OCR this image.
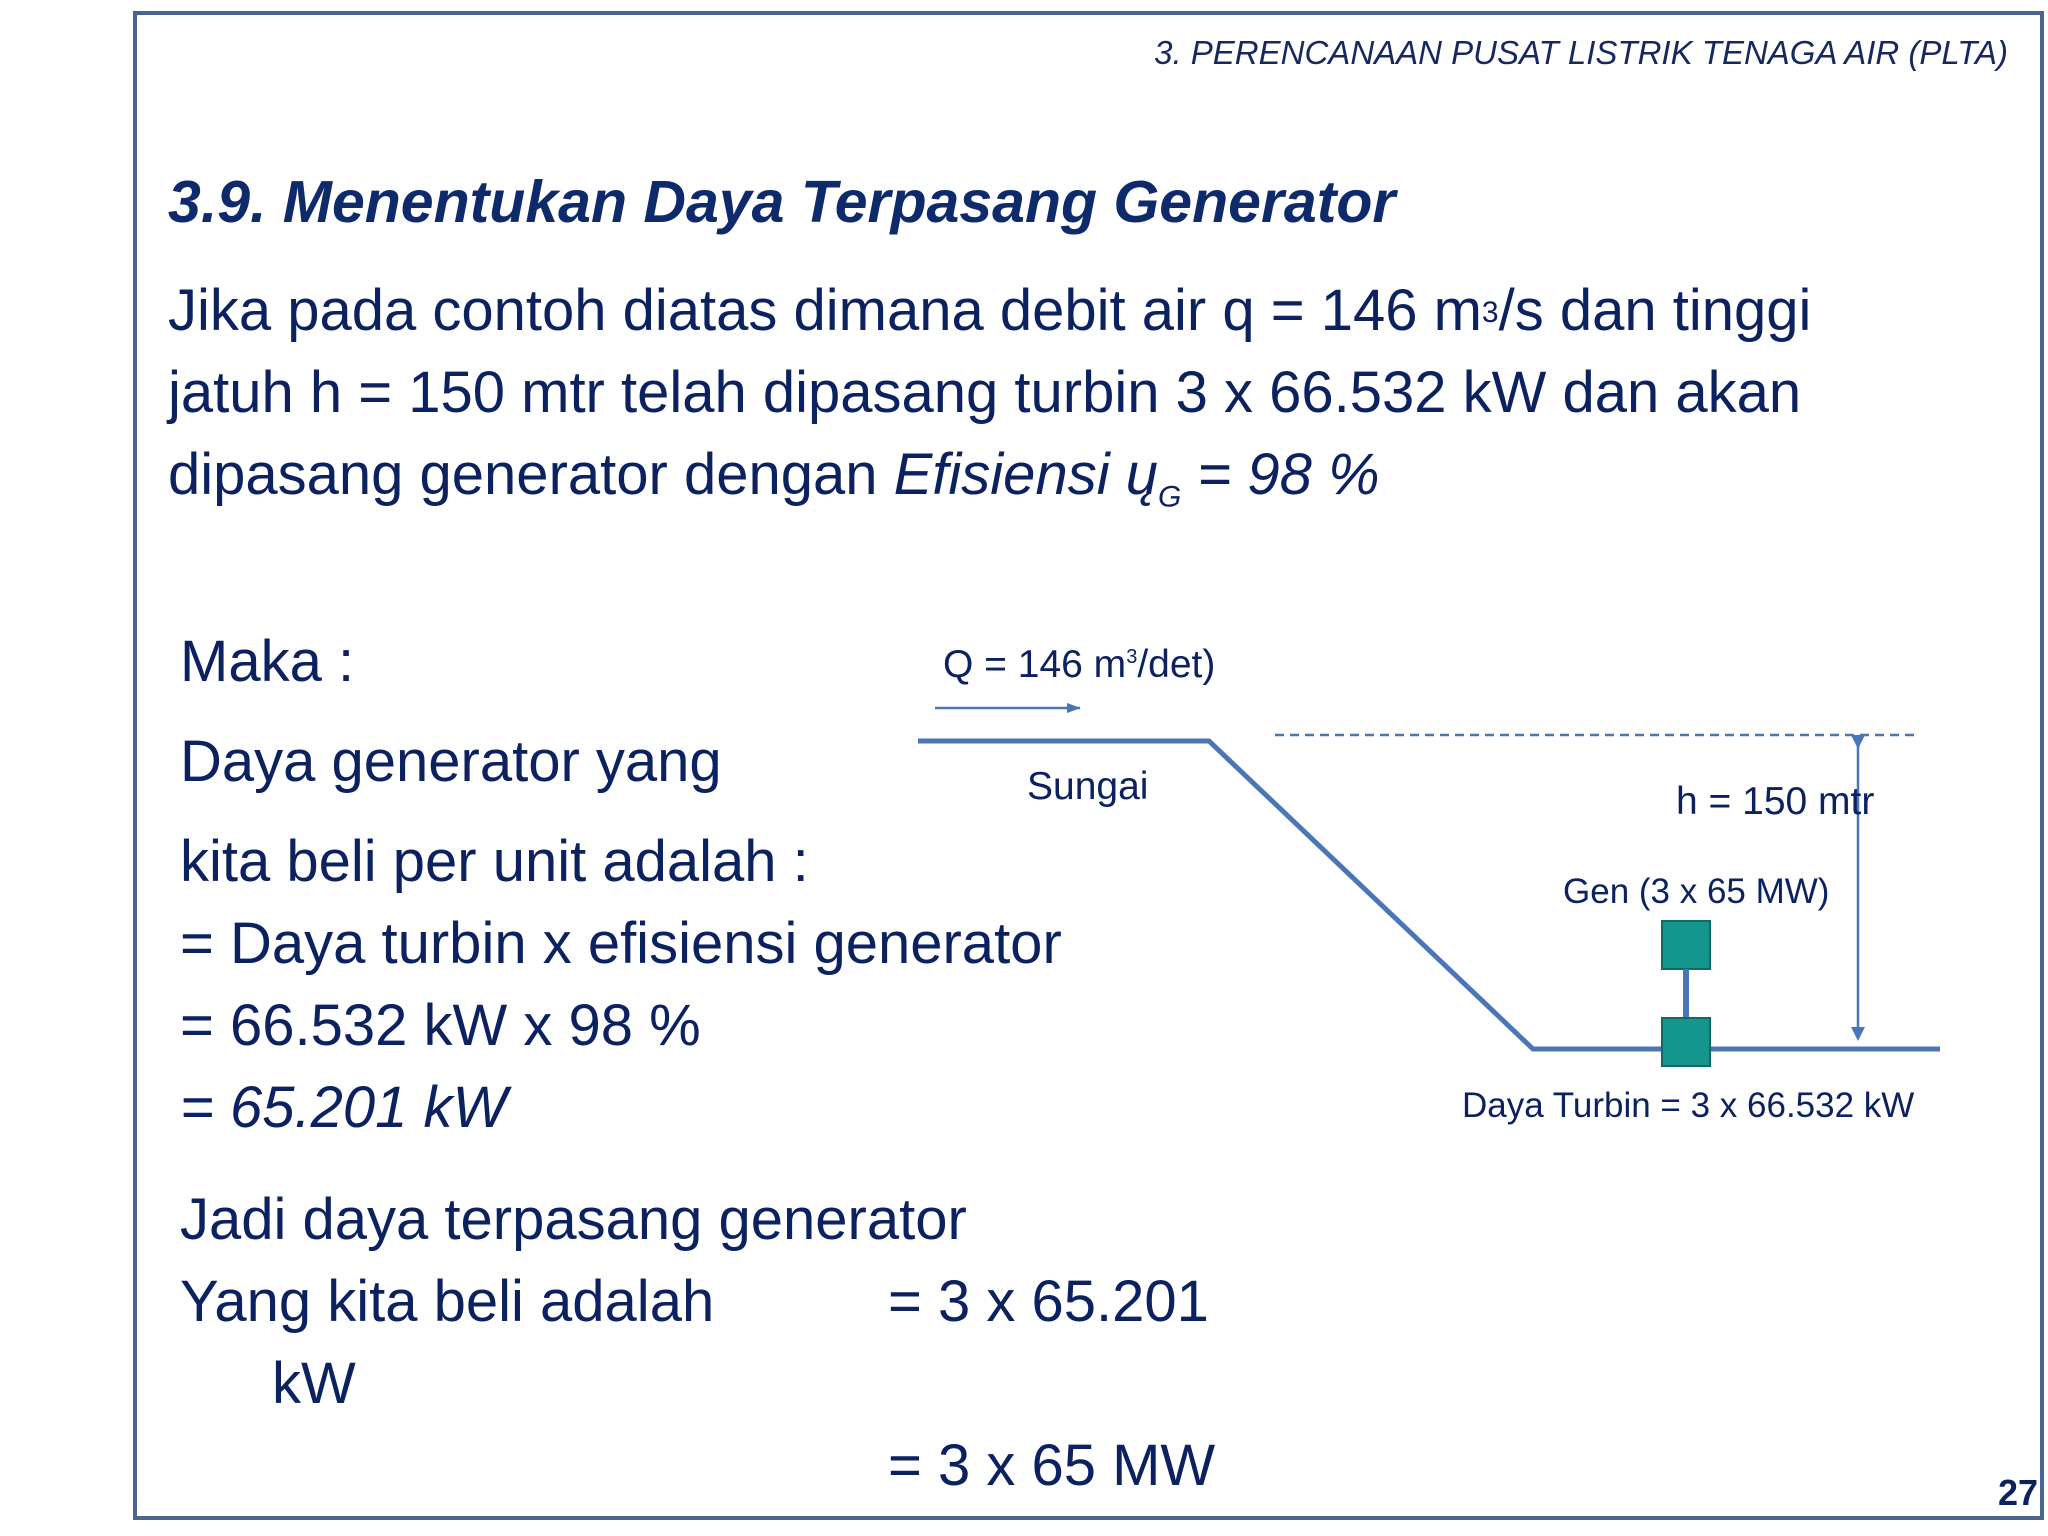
3. PERENCANAAN PUSAT LISTRIK TENAGA AIR (PLTA)
3.9. Menentukan Daya Terpasang Generator
Jika pada contoh diatas dimana debit air q = 146 $m^3/s$ dan tinggi
jatuh h = 150 mtr telah dipasang turbin 3 x 66.532 kW dan akan
dipasang generator dengan Efisiensi $ų_G = 98$ %
Maka :
Daya generator yang
kita beli per unit adalah :
= Daya turbin x efisiensi generator
= 66.532 kW x 98 %
= 65.201 kW
Jadi daya terpasang generator
Yang kita beli adalah	= 3 x 65.201
kW
= 3 x 65 MW
Q = 146 $m^3/\det$)
Sungai	h = 150 mtr
Gen (3 x 65 MW)
Daya Turbin = 3 x 66.532 kW
27
